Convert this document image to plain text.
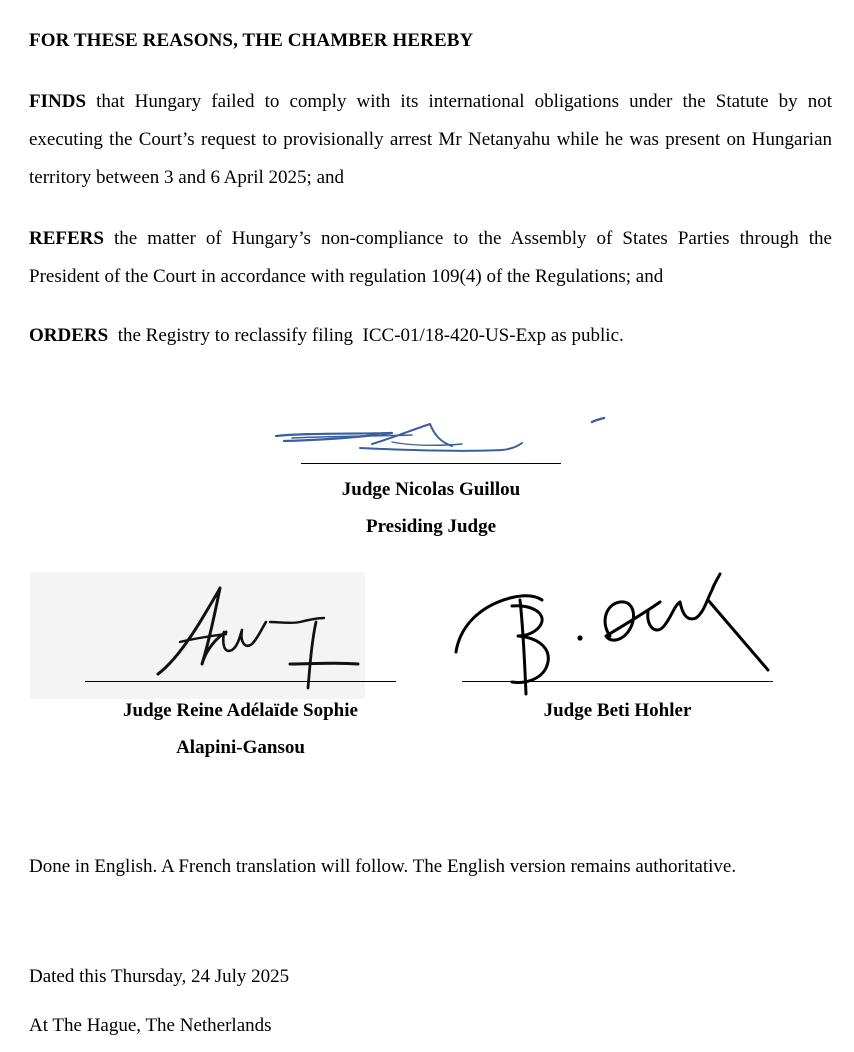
FOR THESE REASONS, THE CHAMBER HEREBY
FINDS that Hungary failed to comply with its international obligations under the Statute by not executing the Court’s request to provisionally arrest Mr Netanyahu while he was present on Hungarian territory between 3 and 6 April 2025; and
REFERS the matter of Hungary’s non-compliance to the Assembly of States Parties through the President of the Court in accordance with regulation 109(4) of the Regulations; and
ORDERS  the Registry to reclassify filing  ICC-01/18-420-US-Exp as public.
Judge Nicolas Guillou
Presiding Judge
Judge Reine Adélaïde Sophie
Alapini-Gansou
Judge Beti Hohler
Done in English. A French translation will follow. The English version remains authoritative.
Dated this Thursday, 24 July 2025
At The Hague, The Netherlands
